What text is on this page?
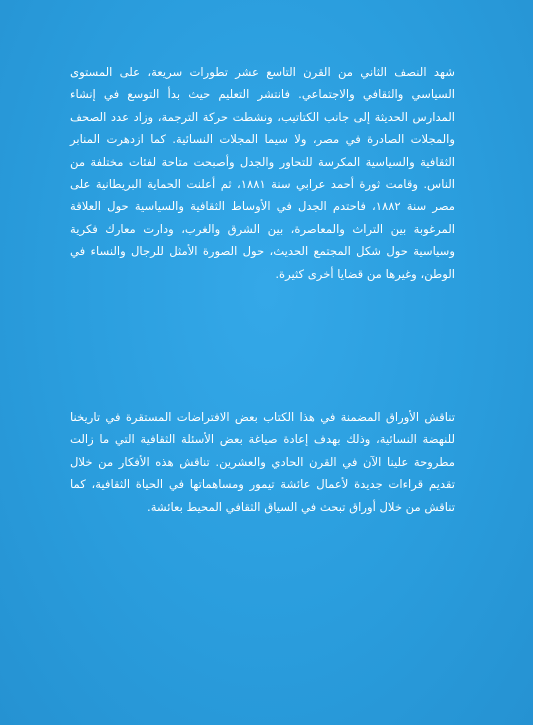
شهد النصف الثاني من القرن التاسع عشر تطورات سريعة، على المستوى السياسي والثقافي والاجتماعي. فانتشر التعليم حيث بدأ التوسع في إنشاء المدارس الحديثة إلى جانب الكتاتيب، ونشطت حركة الترجمة، وزاد عدد الصحف والمجلات الصادرة في مصر، ولا سيما المجلات النسائية. كما ازدهرت المنابر الثقافية والسياسية المكرسة للتحاور والجدل وأصبحت متاحة لفئات مختلفة من الناس. وقامت ثورة أحمد عرابي سنة ١٨٨١، ثم أعلنت الحماية البريطانية على مصر سنة ١٨٨٢، فاحتدم الجدل في الأوساط الثقافية والسياسية حول العلاقة المرغوبة بين التراث والمعاصرة، بين الشرق والغرب، ودارت معارك فكرية وسياسية حول شكل المجتمع الحديث، حول الصورة الأمثل للرجال والنساء في الوطن، وغيرها من قضايا أخرى كثيرة.

تناقش الأوراق المضمنة في هذا الكتاب بعض الافتراضات المستقرة في تاريخنا للنهضة النسائية، وذلك بهدف إعادة صياغة بعض الأسئلة الثقافية التي ما زالت مطروحة علينا الآن في القرن الحادي والعشرين. تناقش هذه الأفكار من خلال تقديم قراءات جديدة لأعمال عائشة تيمور ومساهماتها في الحياة الثقافية، كما تناقش من خلال أوراق تبحث في السياق الثقافي المحيط بعائشة.
